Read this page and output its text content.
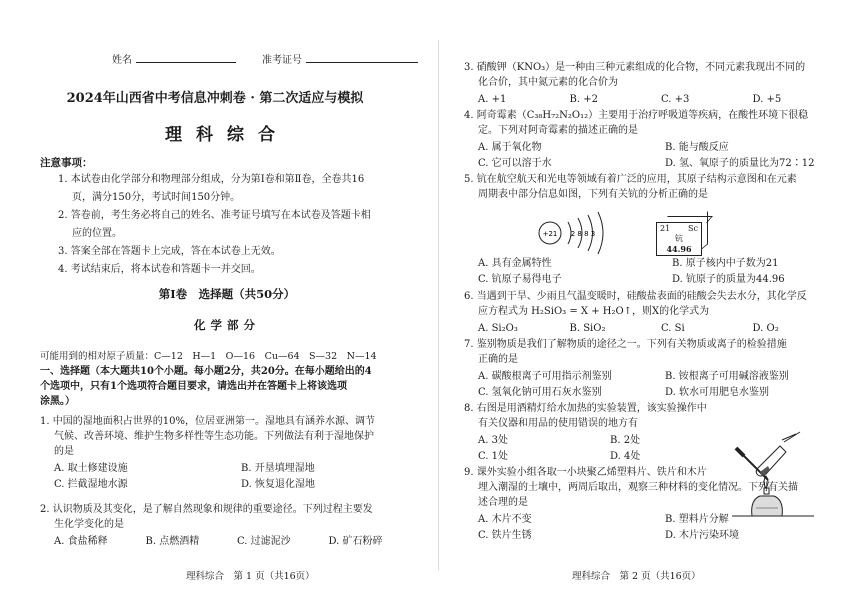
姓名	准考证号
2024年山西省中考信息冲刺卷 · 第二次适应与模拟
理科综合
注意事项：
1. 本试卷由化学部分和物理部分组成，分为第Ⅰ卷和第Ⅱ卷，全卷共16
页，满分150分，考试时间150分钟。
2. 答卷前，考生务必将自己的姓名、准考证号填写在本试卷及答题卡相
应的位置。
3. 答案全部在答题卡上完成，答在本试卷上无效。
4. 考试结束后，将本试卷和答题卡一并交回。
第Ⅰ卷　选择题（共50分）
化学部分
可能用到的相对原子质量：C—12　H—1　O—16　Cu—64　S—32　N—14
一、选择题（本大题共10个小题。每小题2分，共20分。在每小题给出的4
个选项中，只有1个选项符合题目要求，请选出并在答题卡上将该选项
涂黑。）
1. 中国的湿地面积占世界的10%，位居亚洲第一。湿地具有涵养水源、调节
气候、改善环境、维护生物多样性等生态功能。下列做法有利于湿地保护
的是
A. 取土修建设施	B. 开垦填埋湿地
C. 拦截湿地水源	D. 恢复退化湿地
2. 认识物质及其变化，是了解自然现象和规律的重要途径。下列过程主要发
生化学变化的是
A. 食盐稀释	B. 点燃酒精	C. 过滤泥沙	D. 矿石粉碎
理科综合　第 1 页（共16页）
3. 硝酸钾（KNO₃）是一种由三种元素组成的化合物，不同元素我现出不同的
化合价，其中氮元素的化合价为
A. +1	B. +2	C. +3	D. +5
4. 阿奇霉素（C₃₈H₇₂N₂O₁₂）主要用于治疗呼吸道等疾病，在酸性环境下很稳
定。下列对阿奇霉素的描述正确的是
A. 属于氧化物	B. 能与酸反应
C. 它可以溶于水	D. 氢、氧原子的质量比为72∶12
5. 钪在航空航天和光电等领域有着广泛的应用，其原子结构示意图和在元素
周期表中部分信息如图，下列有关钪的分析正确的是
+21 2 8 8 3
21 Sc
钪
44.96
A. 具有金属特性	B. 原子核内中子数为21
C. 钪原子易得电子	D. 钪原子的质量为44.96
6. 当遇到干旱、少雨且气温变暖时，硅酸盐表面的硅酸会失去水分，其化学反
应方程式为 H₂SiO₃ = X + H₂O↑，则X的化学式为
A. Si₂O₃	B. SiO₂	C. Si	D. O₂
7. 鉴别物质是我们了解物质的途径之一。下列有关物质或离子的检验措施
正确的是
A. 碳酸根离子可用指示剂鉴别	B. 铵根离子可用碱溶液鉴别
C. 氢氧化钠可用石灰水鉴别	D. 软水可用肥皂水鉴别
8. 右图是用酒精灯给水加热的实验装置，该实验操作中
有关仪器和用品的使用错误的地方有
A. 3处	B. 2处
C. 1处	D. 4处
9. 课外实验小组各取一小块聚乙烯塑料片、铁片和木片
埋入潮湿的土壤中，两周后取出，观察三种材料的变化情况。下列有关描
述合理的是
A. 木片不变	B. 塑料片分解
C. 铁片生锈	D. 木片污染环境
理科综合　第 2 页（共16页）
